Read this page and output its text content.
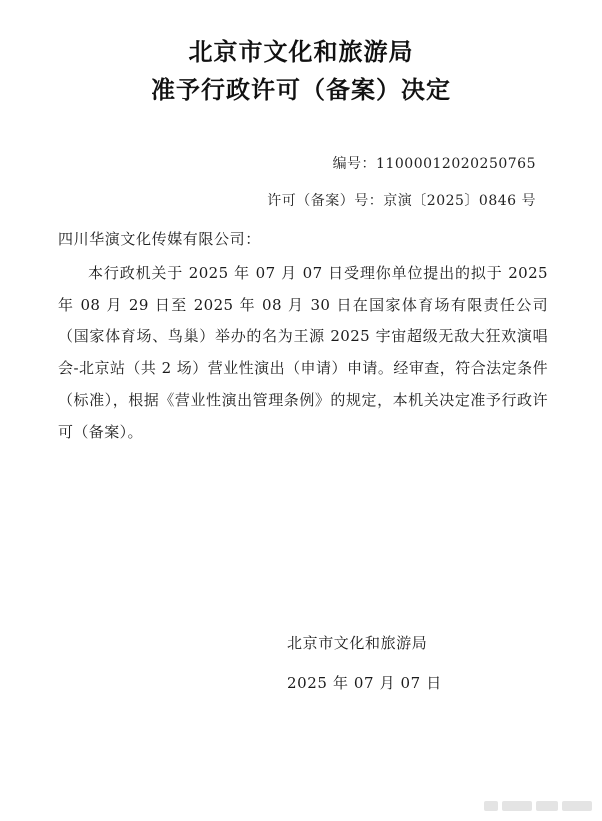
北京市文化和旅游局
准予行政许可（备案）决定
编号：11000012020250765
许可（备案）号：京演〔2025〕0846 号
四川华演文化传媒有限公司：

本行政机关于 2025 年 07 月 07 日受理你单位提出的拟于 2025 年 08 月 29 日至 2025 年 08 月 30 日在国家体育场有限责任公司（国家体育场、鸟巢）举办的名为王源 2025 宇宙超级无敌大狂欢演唱会-北京站（共 2 场）营业性演出（申请）申请。经审查，符合法定条件（标准），根据《营业性演出管理条例》的规定，本机关决定准予行政许可（备案）。

北京市文化和旅游局
2025 年 07 月 07 日
